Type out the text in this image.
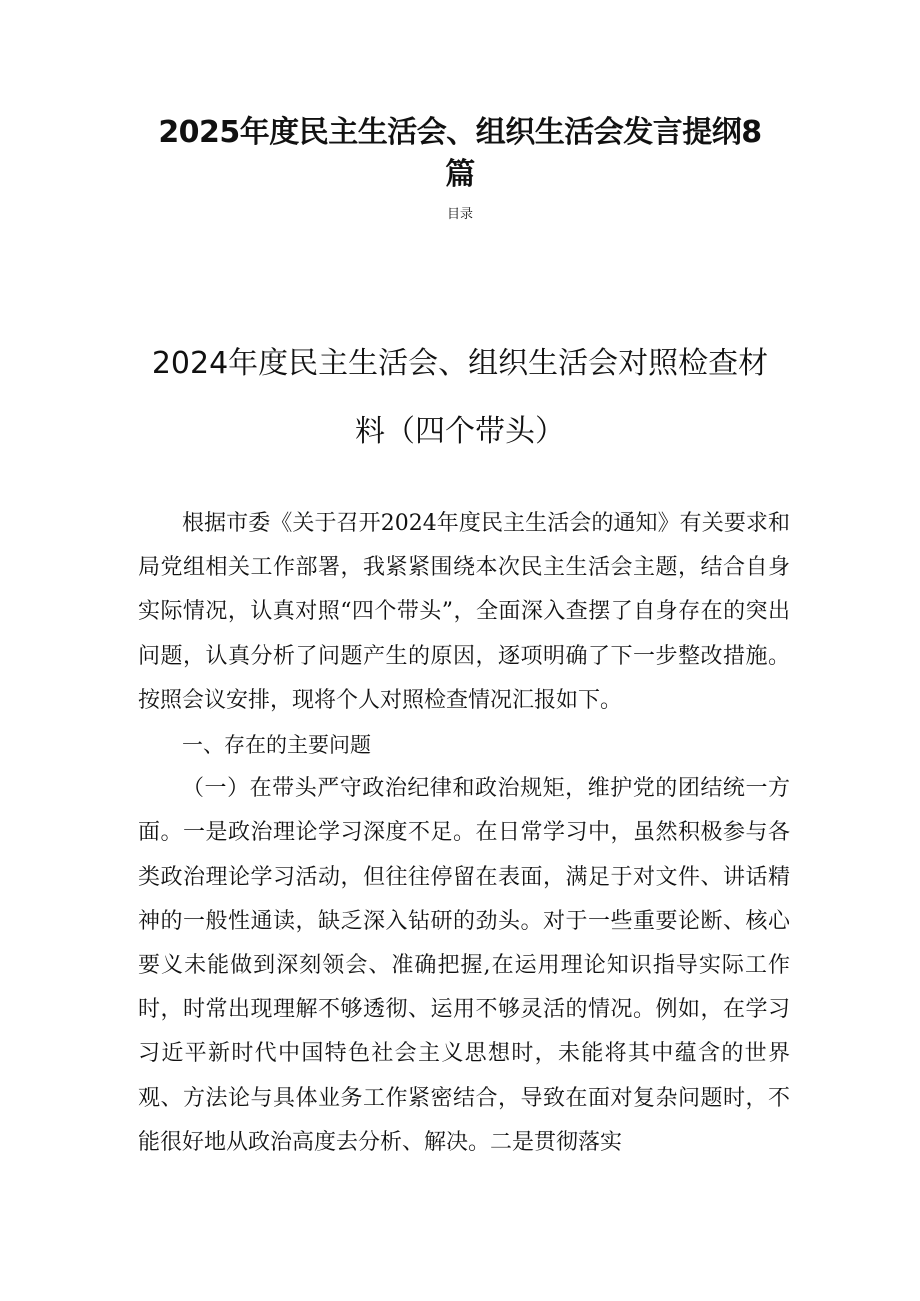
2025年度民主生活会、组织生活会发言提纲8篇
目录
2024年度民主生活会、组织生活会对照检查材料（四个带头）

根据市委《关于召开2024年度民主生活会的通知》有关要求和局党组相关工作部署，我紧紧围绕本次民主生活会主题，结合自身实际情况，认真对照“四个带头”，全面深入查摆了自身存在的突出问题，认真分析了问题产生的原因，逐项明确了下一步整改措施。按照会议安排，现将个人对照检查情况汇报如下。

一、存在的主要问题

（一）在带头严守政治纪律和政治规矩，维护党的团结统一方面。一是政治理论学习深度不足。在日常学习中，虽然积极参与各类政治理论学习活动，但往往停留在表面，满足于对文件、讲话精神的一般性通读，缺乏深入钻研的劲头。对于一些重要论断、核心要义未能做到深刻领会、准确把握,在运用理论知识指导实际工作时，时常出现理解不够透彻、运用不够灵活的情况。例如，在学习习近平新时代中国特色社会主义思想时，未能将其中蕴含的世界观、方法论与具体业务工作紧密结合，导致在面对复杂问题时，不能很好地从政治高度去分析、解决。二是贯彻落实
